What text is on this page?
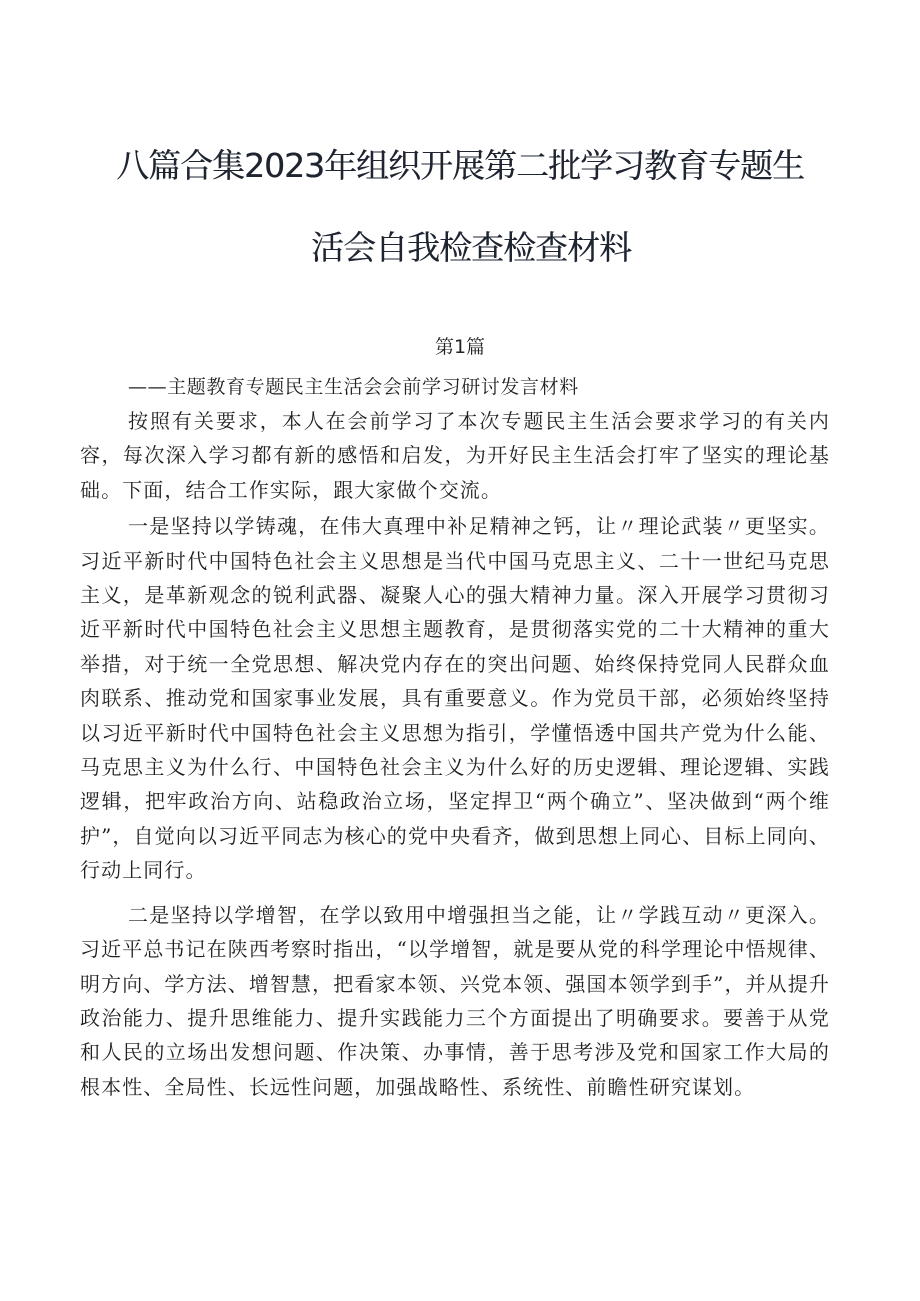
八篇合集2023年组织开展第二批学习教育专题生
活会自我检查检查材料
第1篇
——主题教育专题民主生活会会前学习研讨发言材料

按照有关要求，本人在会前学习了本次专题民主生活会要求学习的有关内容，每次深入学习都有新的感悟和启发，为开好民主生活会打牢了坚实的理论基础。下面，结合工作实际，跟大家做个交流。

一是坚持以学铸魂，在伟大真理中补足精神之钙，让〃理论武装〃更坚实。习近平新时代中国特色社会主义思想是当代中国马克思主义、二十一世纪马克思主义，是革新观念的锐利武器、凝聚人心的强大精神力量。深入开展学习贯彻习近平新时代中国特色社会主义思想主题教育，是贯彻落实党的二十大精神的重大举措，对于统一全党思想、解决党内存在的突出问题、始终保持党同人民群众血肉联系、推动党和国家事业发展，具有重要意义。作为党员干部，必须始终坚持以习近平新时代中国特色社会主义思想为指引，学懂悟透中国共产党为什么能、马克思主义为什么行、中国特色社会主义为什么好的历史逻辑、理论逻辑、实践逻辑，把牢政治方向、站稳政治立场，坚定捍卫“两个确立”、坚决做到“两个维护”，自觉向以习近平同志为核心的党中央看齐，做到思想上同心、目标上同向、行动上同行。

二是坚持以学增智，在学以致用中增强担当之能，让〃学践互动〃更深入。习近平总书记在陕西考察时指出，“以学增智，就是要从党的科学理论中悟规律、明方向、学方法、增智慧，把看家本领、兴党本领、强国本领学到手”，并从提升政治能力、提升思维能力、提升实践能力三个方面提出了明确要求。要善于从党和人民的立场出发想问题、作决策、办事情，善于思考涉及党和国家工作大局的根本性、全局性、长远性问题，加强战略性、系统性、前瞻性研究谋划。
